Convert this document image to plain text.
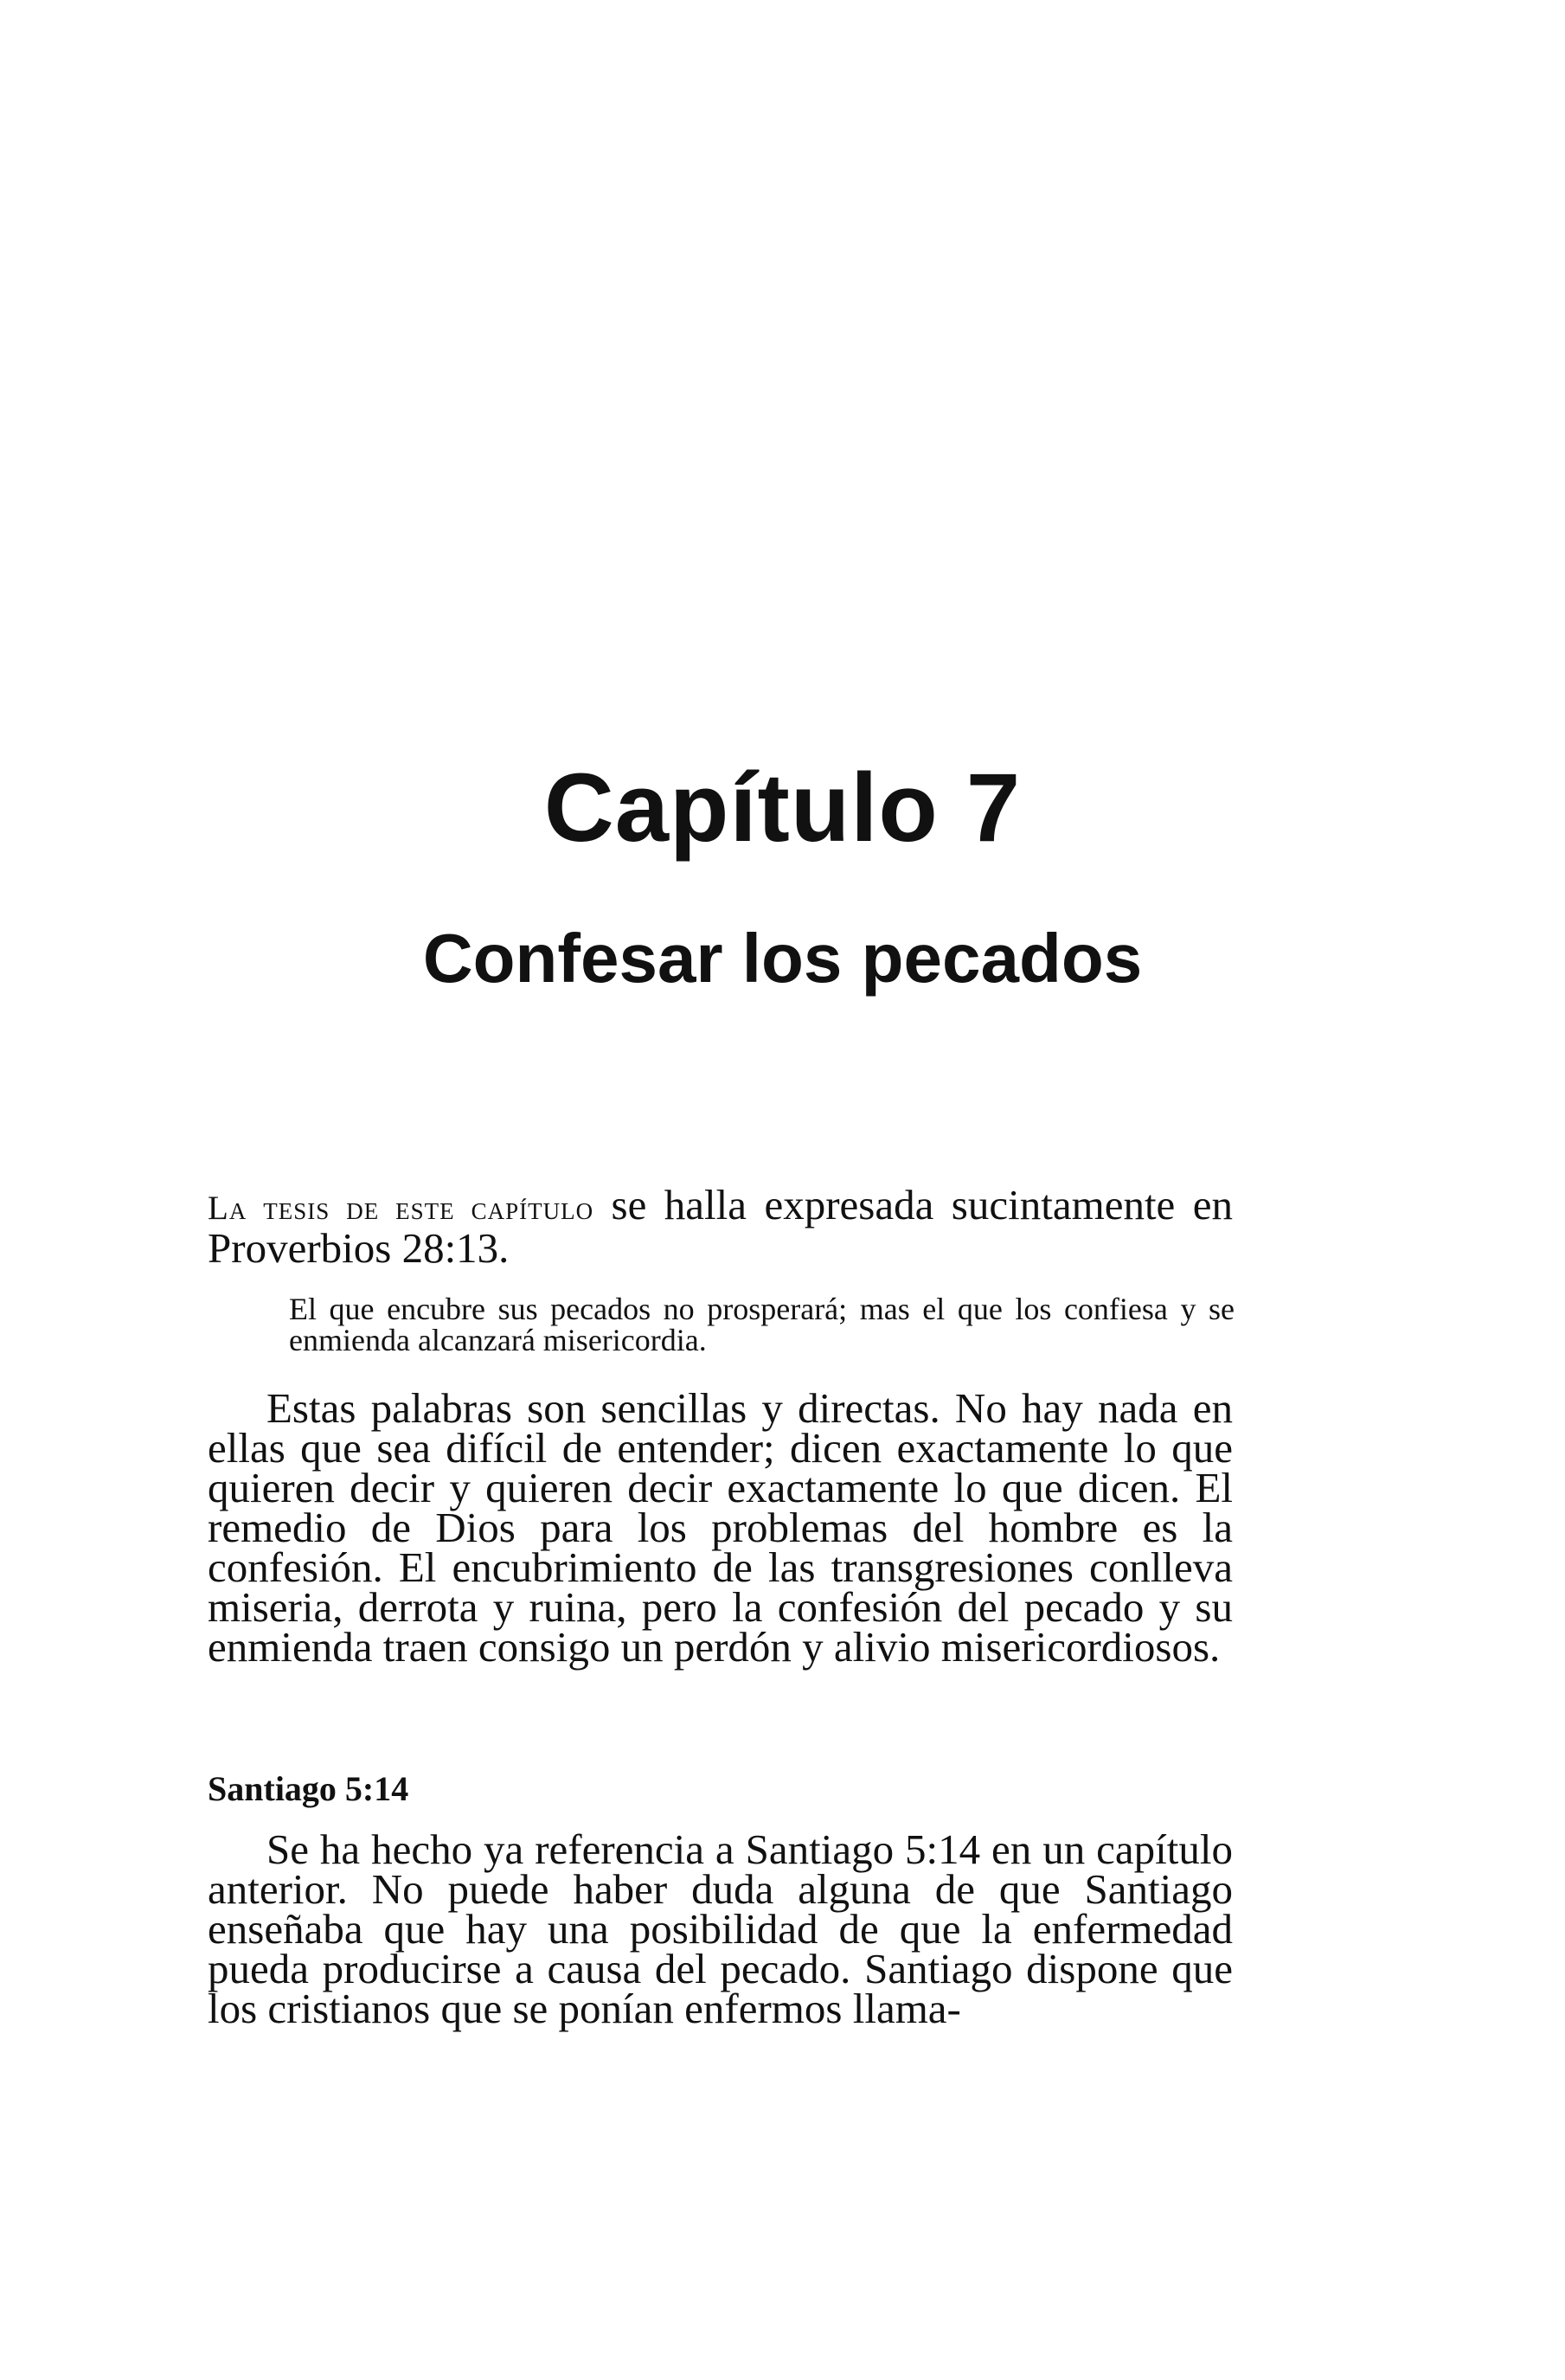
Capítulo 7
Confesar los pecados

La tesis de este capítulo se halla expresada sucintamente en Proverbios 28:13.

El que encubre sus pecados no prosperará; mas el que los confiesa y se enmienda alcanzará misericordia.

Estas palabras son sencillas y directas. No hay nada en ellas que sea difícil de entender; dicen exactamente lo que quieren decir y quieren decir exactamente lo que dicen. El remedio de Dios para los problemas del hombre es la confesión. El encubrimiento de las transgresiones conlleva miseria, derrota y ruina, pero la confesión del pecado y su enmienda traen consigo un perdón y alivio misericordiosos.

Santiago 5:14

Se ha hecho ya referencia a Santiago 5:14 en un capítulo anterior. No puede haber duda alguna de que Santiago enseñaba que hay una posibilidad de que la enfermedad pueda producirse a causa del pecado. Santiago dispone que los cristianos que se ponían enfermos llama-
